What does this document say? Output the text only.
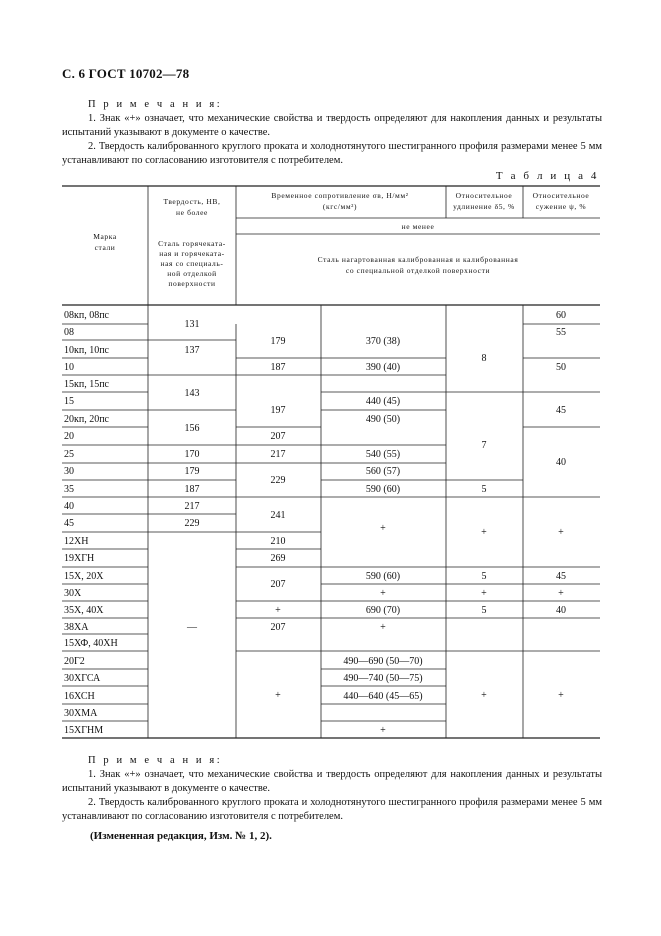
С. 6 ГОСТ 10702—78

П р и м е ч а н и я:

1. Знак «+» означает, что механические свойства и твердость определяют для накопления данных и результаты испытаний указывают в документе о качестве.

2. Твердость калиброванного круглого проката и холоднотянутого шестигранного профиля размерами менее 5 мм устанавливают по согласованию изготовителя с потребителем.

Т а б л и ц а 4
Марка
стали
Твердость, НВ,
не более
Сталь горячеката-
ная и горячеката-
ная со специаль-
ной отделкой
поверхности
Временное сопротивление σв, Н/мм²
(кгс/мм²)
Относительное
удлинение δ5, %
Относительное
сужение ψ, %
не менее
Сталь нагартованная калиброванная и калиброванная
со специальной отделкой поверхности
08кп, 08пс
08
10кп, 10пс
10
15кп, 15пс
15
20кп, 20пс
20
25
30
35
40
45
12ХН
19ХГН
15Х, 20Х
30Х
35Х, 40Х
38ХА
15ХФ, 40ХН
20Г2
30ХГСА
16ХСН
30ХМА
15ХГНМ
131
137
143
156
170
179
187
217
229
—
179
187
197
207
217
229
241
210
269
207
+
207
+
370 (38)
390 (40)
440 (45)
490 (50)
540 (55)
560 (57)
590 (60)
+
590 (60)
+
690 (70)
+
490—690 (50—70)
490—740 (50—75)
440—640 (45—65)
+
8
7
5
+
5
+
5
+
60
55
50
45
40
+
45
+
40
+

П р и м е ч а н и я:

1. Знак «+» означает, что механические свойства и твердость определяют для накопления данных и результаты испытаний указывают в документе о качестве.

2. Твердость калиброванного круглого проката и холоднотянутого шестигранного профиля размерами менее 5 мм устанавливают по согласованию изготовителя с потребителем.

(Измененная редакция, Изм. № 1, 2).
